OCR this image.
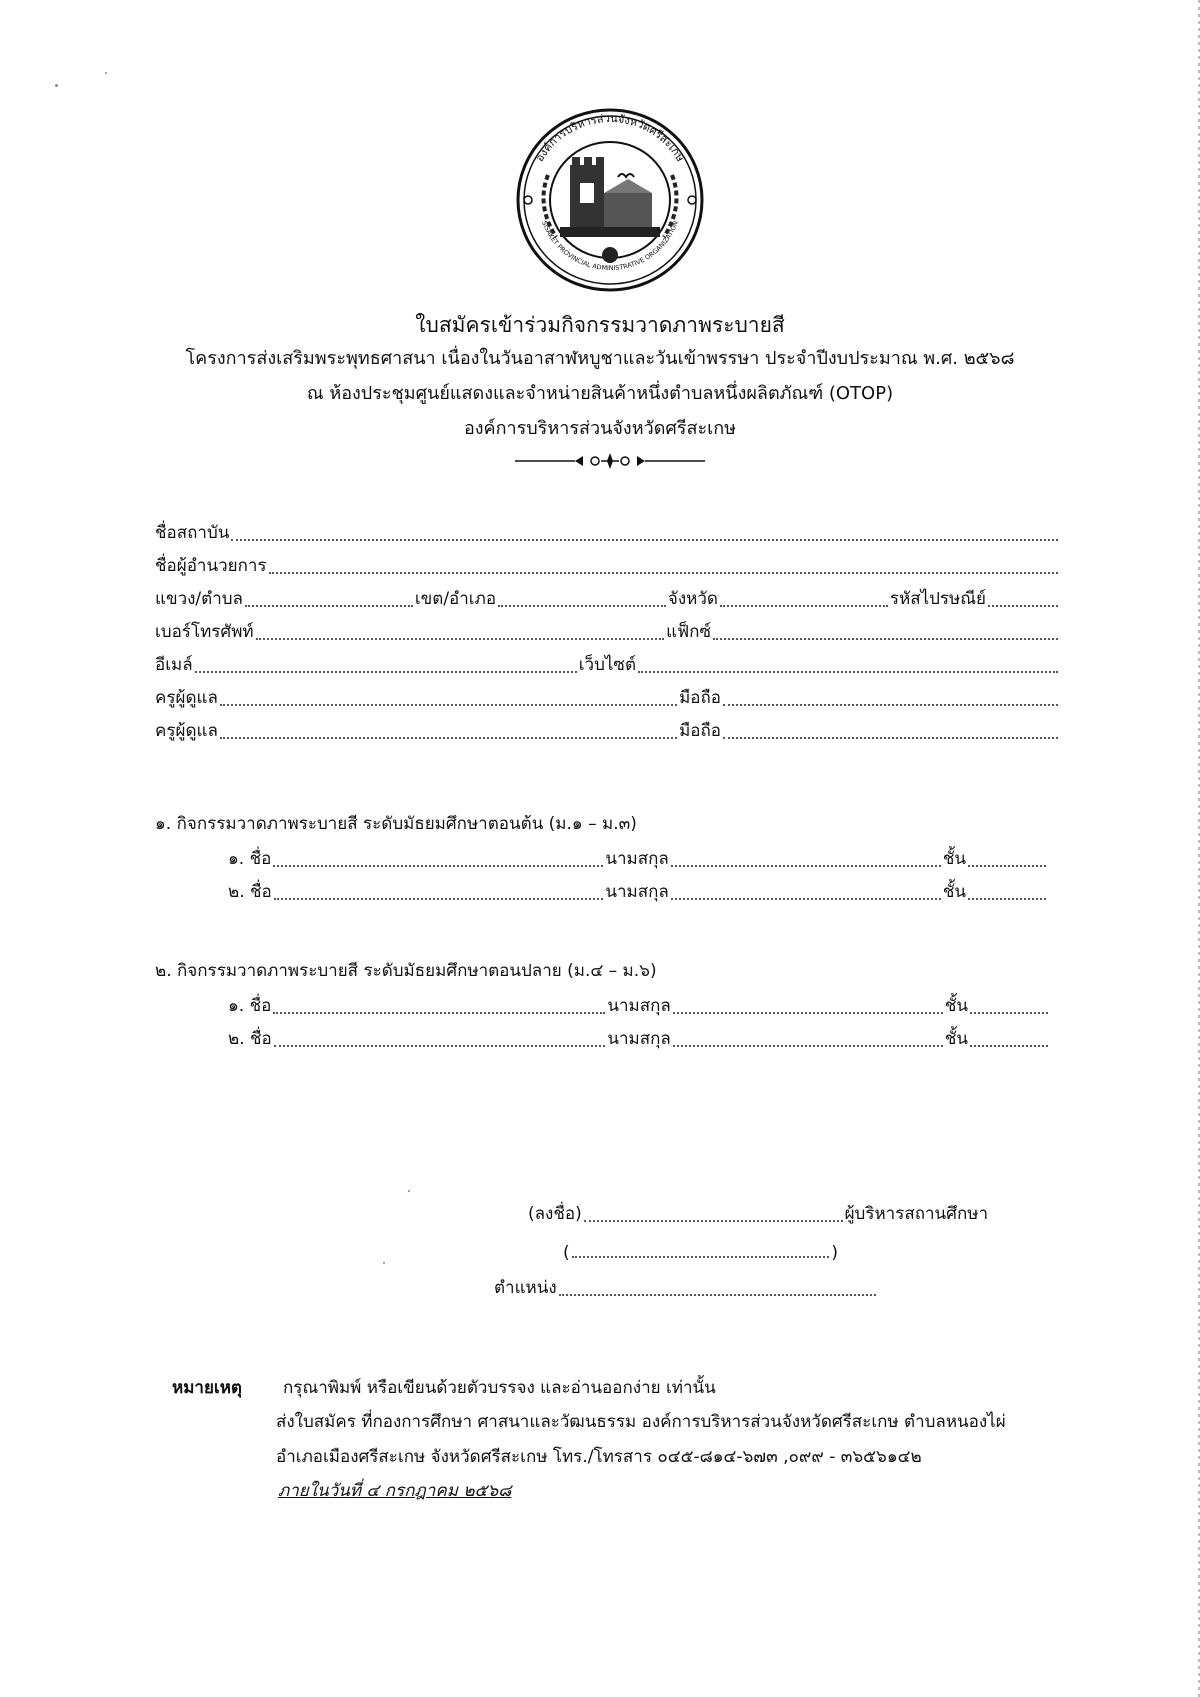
องค์การบริหารส่วนจังหวัดศรีสะเกษ
SISAKET PROVINCIAL ADMINISTRATIVE ORGANIZATION
ใบสมัครเข้าร่วมกิจกรรมวาดภาพระบายสี
โครงการส่งเสริมพระพุทธศาสนา เนื่องในวันอาสาฬหบูชาและวันเข้าพรรษา ประจำปีงบประมาณ พ.ศ. ๒๕๖๘
ณ ห้องประชุมศูนย์แสดงและจำหน่ายสินค้าหนึ่งตำบลหนึ่งผลิตภัณฑ์ (OTOP)
องค์การบริหารส่วนจังหวัดศรีสะเกษ
ชื่อสถาบัน
ชื่อผู้อำนวยการ
แขวง/ตำบล	เขต/อำเภอ	จังหวัด	รหัสไปรษณีย์
เบอร์โทรศัพท์	แฟ็กซ์
อีเมล์	เว็บไซต์
ครูผู้ดูแล	มือถือ
ครูผู้ดูแล	มือถือ
๑. กิจกรรมวาดภาพระบายสี ระดับมัธยมศึกษาตอนต้น (ม.๑ – ม.๓)
๑. ชื่อ	นามสกุล	ชั้น
๒. ชื่อ	นามสกุล	ชั้น
๒. กิจกรรมวาดภาพระบายสี ระดับมัธยมศึกษาตอนปลาย (ม.๔ – ม.๖)
๑. ชื่อ	นามสกุล	ชั้น
๒. ชื่อ	นามสกุล	ชั้น
(ลงชื่อ)	ผู้บริหารสถานศึกษา
(	)
ตำแหน่ง
หมายเหตุ กรุณาพิมพ์ หรือเขียนด้วยตัวบรรจง และอ่านออกง่าย เท่านั้น
ส่งใบสมัคร ที่กองการศึกษา ศาสนาและวัฒนธรรม องค์การบริหารส่วนจังหวัดศรีสะเกษ ตำบลหนองไผ่
อำเภอเมืองศรีสะเกษ จังหวัดศรีสะเกษ โทร./โทรสาร ๐๔๕-๘๑๔-๖๗๓ ,๐๙๙ - ๓๖๕๖๑๔๒
ภายในวันที่ ๔ กรกฎาคม ๒๕๖๘
